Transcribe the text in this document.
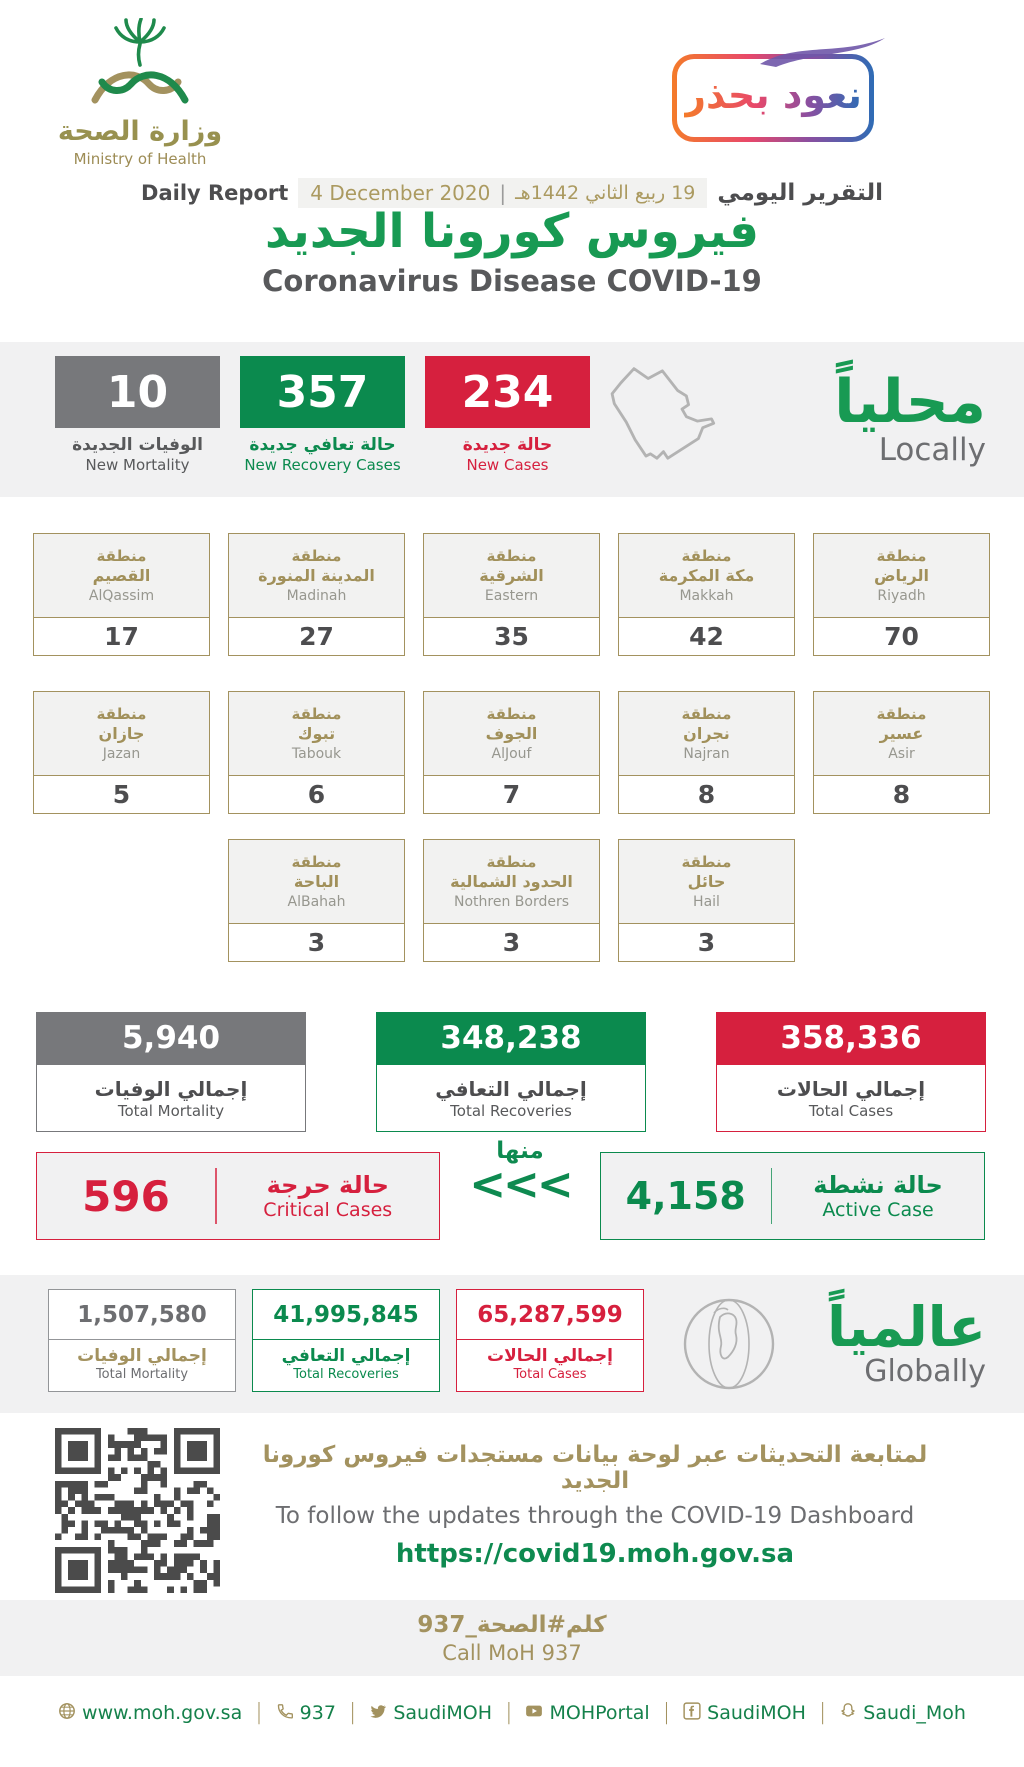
وزارة الصحة
Ministry of Health
نعود بحذر
Daily Report 4 December 2020 | 19 ربيع الثاني 1442هـ التقرير اليومي
فيروس كورونا الجديد
Coronavirus Disease COVID-19
10
الوفيات الجديدة
New Mortality
357
حالة تعافي جديدة
New Recovery Cases
234
حالة جديدة
New Cases
محلياً
Locally
منطقة
القصيم
AlQassim
17
منطقة
المدينة المنورة
Madinah
27
منطقة
الشرقية
Eastern
35
منطقة
مكة المكرمة
Makkah
42
منطقة
الرياض
Riyadh
70
منطقة
جازان
Jazan
5
منطقة
تبوك
Tabouk
6
منطقة
الجوف
AlJouf
7
منطقة
نجران
Najran
8
منطقة
عسير
Asir
8
منطقة
الباحة
AlBahah
3
منطقة
الحدود الشمالية
Nothren Borders
3
منطقة
حائل
Hail
3
5,940
إجمالي الوفيات
Total Mortality
348,238
إجمالي التعافي
Total Recoveries
358,336
إجمالي الحالات
Total Cases
596	حالة حرجة
Critical Cases
منها
<<<	4,158	حالة نشطة
Active Case
1,507,580
إجمالي الوفيات
Total Mortality
41,995,845
إجمالي التعافي
Total Recoveries
65,287,599
إجمالي الحالات
Total Cases
عالمياً
Globally
لمتابعة التحديثات عبر لوحة بيانات مستجدات فيروس كورونا الجديد
To follow the updates through the COVID-19 Dashboard
https://covid19.moh.gov.sa
كلم#الصحة_937
Call MoH 937
www.moh.gov.sa | 937 | SaudiMOH | MOHPortal | SaudiMOH | Saudi_Moh
